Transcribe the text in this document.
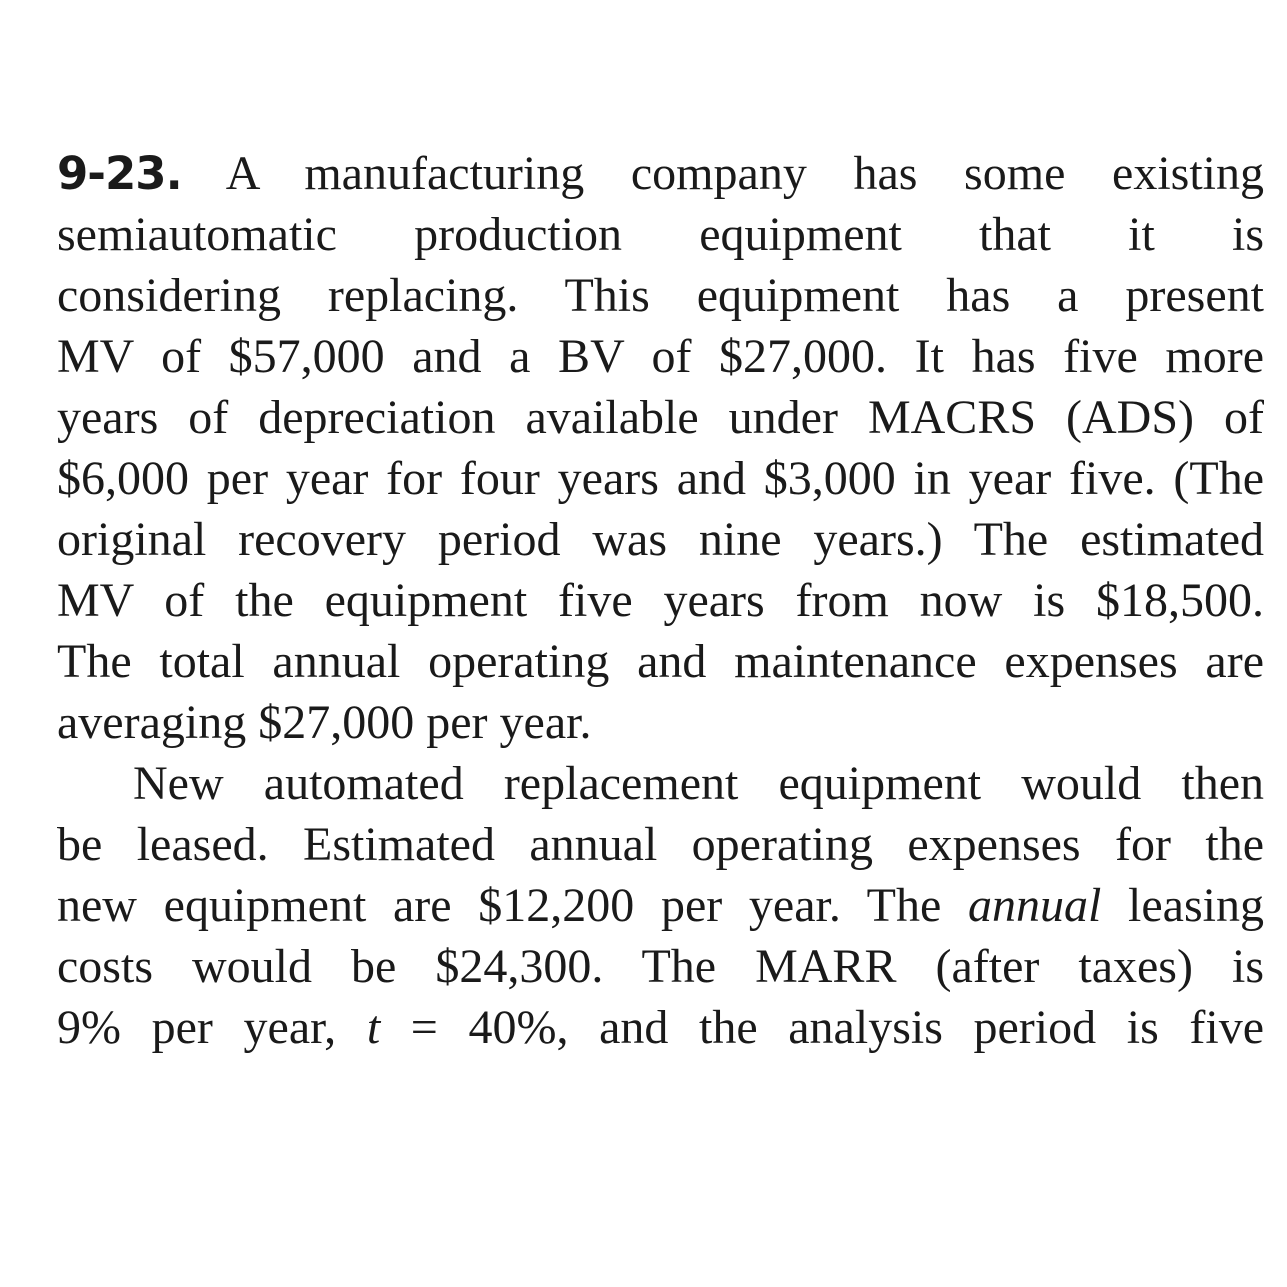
9-23. A manufacturing company has some existing
semiautomatic production equipment that it is
considering replacing. This equipment has a present
MV of $57,000 and a BV of $27,000. It has five more
years of depreciation available under MACRS (ADS) of
$6,000 per year for four years and $3,000 in year five. (The
original recovery period was nine years.) The estimated
MV of the equipment five years from now is $18,500.
The total annual operating and maintenance expenses are
averaging $27,000 per year.
New automated replacement equipment would then
be leased. Estimated annual operating expenses for the
new equipment are $12,200 per year. The annual leasing
costs would be $24,300. The MARR (after taxes) is
9% per year, t = 40%, and the analysis period is five
